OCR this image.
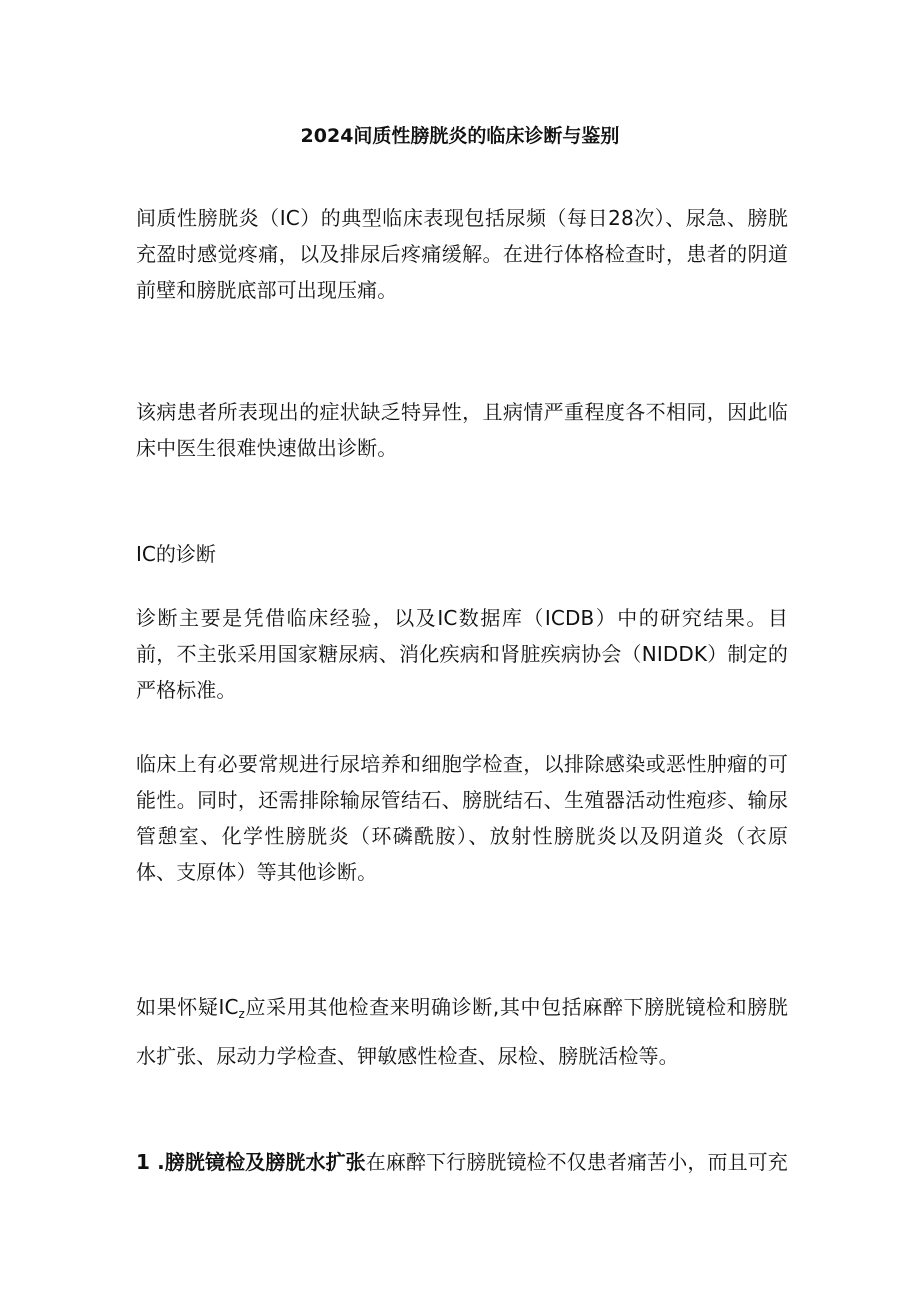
2024间质性膀胱炎的临床诊断与鉴别

间质性膀胱炎（IC）的典型临床表现包括尿频（每日28次）、尿急、膀胱充盈时感觉疼痛，以及排尿后疼痛缓解。在进行体格检查时，患者的阴道前壁和膀胱底部可出现压痛。

该病患者所表现出的症状缺乏特异性，且病情严重程度各不相同，因此临床中医生很难快速做出诊断。

IC的诊断

诊断主要是凭借临床经验，以及IC数据库（ICDB）中的研究结果。目前，不主张采用国家糖尿病、消化疾病和肾脏疾病协会（NIDDK）制定的严格标准。

临床上有必要常规进行尿培养和细胞学检查，以排除感染或恶性肿瘤的可能性。同时，还需排除输尿管结石、膀胱结石、生殖器活动性疱疹、输尿管憩室、化学性膀胱炎（环磷酰胺）、放射性膀胱炎以及阴道炎（衣原体、支原体）等其他诊断。

如果怀疑$IC_z$应采用其他检查来明确诊断,其中包括麻醉下膀胱镜检和膀胱水扩张、尿动力学检查、钾敏感性检查、尿检、膀胱活检等。

1 .膀胱镜检及膀胱水扩张在麻醉下行膀胱镜检不仅患者痛苦小，而且可充
